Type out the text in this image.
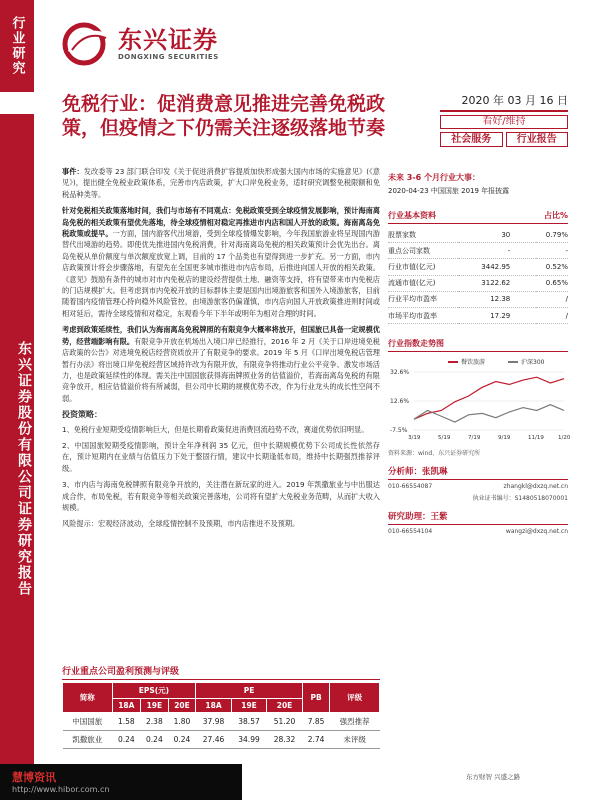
行业研究
东兴证券股份有限公司证券研究报告
东兴证券
DONGXING SECURITIES
免税行业：促消费意见推进完善免税政策，但疫情之下仍需关注逐级落地节奏
2020 年 03 月 16 日
看好/维持
社会服务	行业报告

事件：发改委等 23 部门联合印发《关于促进消费扩容提质加快形成强大国内市场的实施意见》(《意见》)，提出健全免税业政策体系，完善市内店政策，扩大口岸免税业务，适时研究调整免税限额和免税品种类等。

针对免税相关政策落地时间，我们与市场有不同观点：免税政策受到全球疫情发展影响，预计海南离岛免税的相关政策有望优先落地，待全球疫情相对稳定再推进市内店和国人开放的政策。海南离岛免税政策或提早。一方面，国内游客代出境游，受到全球疫情爆发影响，今年我国旅游业将呈现国内游替代出境游的趋势。即使优先推进国内免税消费，针对海南离岛免税的相关政策预计会优先出台。离岛免税从单价额度与单次额度放宽上调，目前的 17 个品类也有望得到进一步扩充。另一方面，市内店政策预计将会步骤落地，有望先在全国更多城市推进市内店布局，后推进向国人开放的相关政策。《意见》鼓励有条件的城市对市内免税店的建设经营提供土地、融资等支持，将有望带来市内免税店的门店规模扩大。但考虑到市内免税开放的目标群体主要是国内出境游旅客和国外入境游旅客，目前随着国内疫情管理心持向稳外风险管控，由境游旅客仍偏谨慎，市内店向国人开放政策推进则时间或相对延后，需待全球疫情和对稳定，东观看今年下半年或明年为相对合理的时间。

考虑到政策延续性，我们认为海南离岛免税牌照的有限竞争大概率将放开，但国旅已具备一定规模优势，经营端影响有限。有限竞争开放在机场出入境口岸已经推行，2016 年 2 月《关于口岸进境免税店政策的公告》对进境免税店经营资质放开了有限竞争的要求。2019 年 5 月《口岸出境免税店管理暂行办法》将出境口岸免税经营区域持许改为有限开放，有限竞争将推动行业公平竞争、激发市场活力，也是政策延续性的体现。需关注中国国旅获得海南牌照业务的估值溢价，若海南离岛免税的有限竞争放开，相应估值溢价将有所减弱，但公司中长期的规模优势不改，作为行业龙头的成长性空间不弱。

投资策略：

1、免税行业短期受疫情影响巨大，但是长期看政策促进消费回流趋势不改，赛道优势依旧明显。

2、中国国旅短期受疫情影响，预计全年净利润 35 亿元，但中长期规模优势下公司成长性依然存在，预计短期内在业绩与估值压力下处于整固行情，建议中长期逢低布局，维持中长期强烈推荐评级。

3、市内店与海南免税牌照有限竞争开放的，关注潜在新玩家的进入。2019 年凯撒旅业与中出服达成合作，布局免税，若有限竞争等相关政策完善落地，公司将有望扩大免税业务范畴，从而扩大收入规模。

风险提示：宏观经济波动，全球疫情控制不及预期，市内店推进不及预期。

未来 3-6 个月行业大事：
2020-04-23 中国国旅 2019 年报披露
行业基本资料	占比%
股票家数	30	0.79%
重点公司家数	-	-
行业市值(亿元)	3442.95	0.52%
流通市值(亿元)	3122.62	0.65%
行业平均市盈率	12.38	/
市场平均市盈率	17.29	/
行业指数走势图
32.6%
12.6%
-7.5%
3/19	5/19	7/19	9/19	11/19	1/20
餐饮旅游	沪深300
资料来源：wind、东兴证券研究所
分析师：张凯琳
010-66554087	zhangkl@dxzq.net.cn
执业证书编号：S1480518070001
研究助理：王紫
010-66554104	wangzi@dxzq.net.cn
行业重点公司盈利预测与评级
简称	EPS(元)			PE			PB	评级
	18A	19E	20E	18A	19E	20E		
中国国旅	1.58	2.38	1.80	37.98	38.57	51.20	7.85	强烈推荐
凯撒旅业	0.24	0.24	0.24	27.46	34.99	28.32	2.74	未评级
东方财智 兴盛之路
慧博资讯
http://www.hibor.com.cn
